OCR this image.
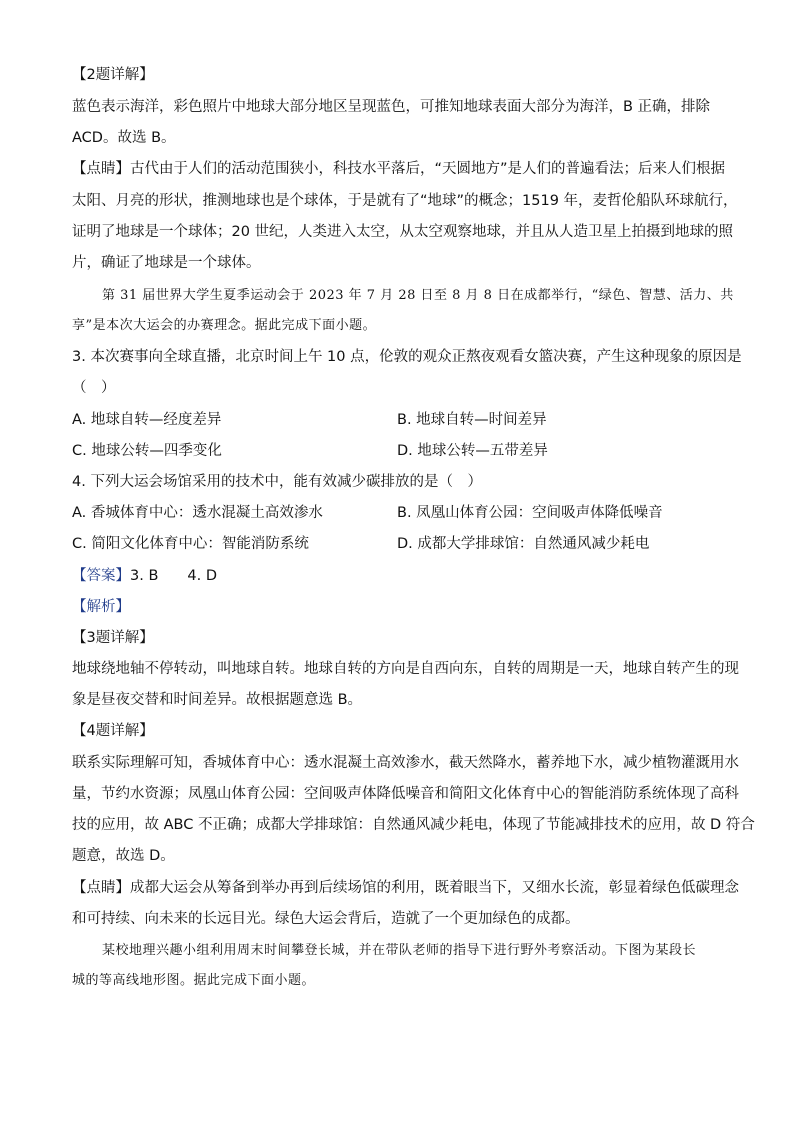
【2题详解】
蓝色表示海洋，彩色照片中地球大部分地区呈现蓝色，可推知地球表面大部分为海洋，B 正确，排除
ACD。故选 B。
【点睛】古代由于人们的活动范围狭小，科技水平落后，“天圆地方”是人们的普遍看法；后来人们根据
太阳、月亮的形状，推测地球也是个球体，于是就有了“地球”的概念；1519 年，麦哲伦船队环球航行，
证明了地球是一个球体；20 世纪，人类进入太空，从太空观察地球，并且从人造卫星上拍摄到地球的照
片，确证了地球是一个球体。
第 31 届世界大学生夏季运动会于 2023 年 7 月 28 日至 8 月 8 日在成都举行，“绿色、智慧、活力、共
享”是本次大运会的办赛理念。据此完成下面小题。
3. 本次赛事向全球直播，北京时间上午 10 点，伦敦的观众正熬夜观看女篮决赛，产生这种现象的原因是
（　）
A. 地球自转—经度差异	B. 地球自转—时间差异
C. 地球公转—四季变化	D. 地球公转—五带差异
4. 下列大运会场馆采用的技术中，能有效减少碳排放的是（　）
A. 香城体育中心：透水混凝土高效渗水	B. 凤凰山体育公园：空间吸声体降低噪音
C. 简阳文化体育中心：智能消防系统	D. 成都大学排球馆：自然通风减少耗电
【答案】3. B　　4. D
【解析】
【3题详解】
地球绕地轴不停转动，叫地球自转。地球自转的方向是自西向东，自转的周期是一天，地球自转产生的现
象是昼夜交替和时间差异。故根据题意选 B。
【4题详解】
联系实际理解可知，香城体育中心：透水混凝土高效渗水，截天然降水，蓄养地下水，减少植物灌溉用水
量，节约水资源；凤凰山体育公园：空间吸声体降低噪音和简阳文化体育中心的智能消防系统体现了高科
技的应用，故 ABC 不正确；成都大学排球馆：自然通风减少耗电，体现了节能减排技术的应用，故 D 符合
题意，故选 D。
【点睛】成都大运会从筹备到举办再到后续场馆的利用，既着眼当下，又细水长流，彰显着绿色低碳理念
和可持续、向未来的长远目光。绿色大运会背后，造就了一个更加绿色的成都。
某校地理兴趣小组利用周末时间攀登长城，并在带队老师的指导下进行野外考察活动。下图为某段长
城的等高线地形图。据此完成下面小题。
